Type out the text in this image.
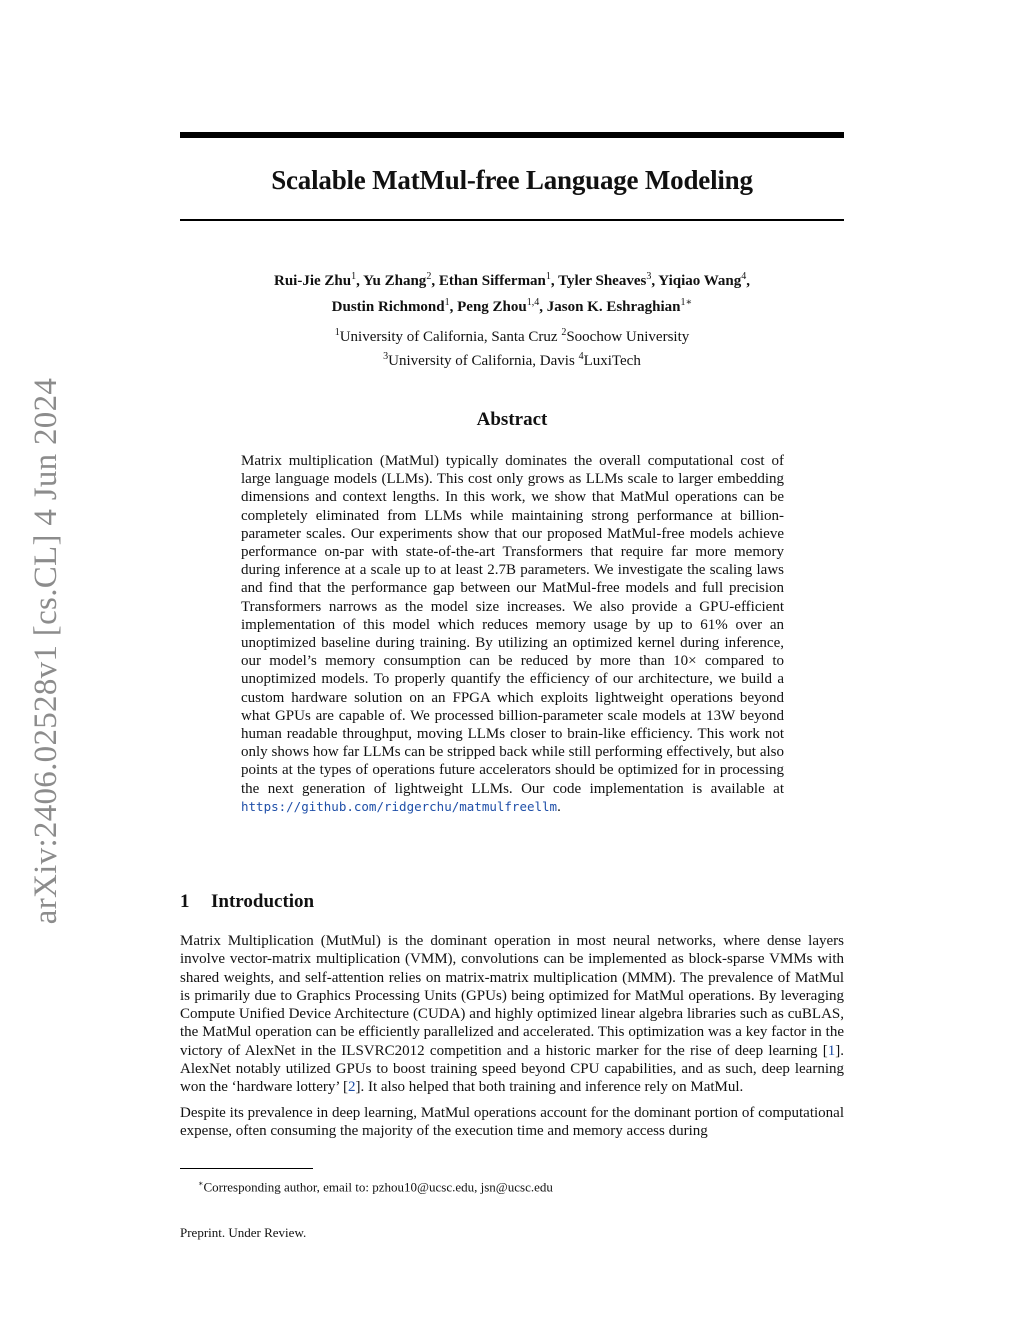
arXiv:2406.02528v1 [cs.CL] 4 Jun 2024
Scalable MatMul-free Language Modeling
Rui-Jie Zhu$^1$, Yu Zhang$^2$, Ethan Sifferman$^1$, Tyler Sheaves$^3$, Yiqiao Wang$^4$,
Dustin Richmond$^1$, Peng Zhou$^{1,4}$, Jason K. Eshraghian$^{1∗}$
$^1$University of California, Santa Cruz $^2$Soochow University
$^3$University of California, Davis $^4$LuxiTech
Abstract
Matrix multiplication (MatMul) typically dominates the overall computational cost of large language models (LLMs). This cost only grows as LLMs scale to larger embedding dimensions and context lengths. In this work, we show that MatMul operations can be completely eliminated from LLMs while maintaining strong performance at billion-parameter scales. Our experiments show that our proposed MatMul-free models achieve performance on-par with state-of-the-art Transformers that require far more memory during inference at a scale up to at least 2.7B parameters. We investigate the scaling laws and find that the performance gap between our MatMul-free models and full precision Transformers narrows as the model size increases. We also provide a GPU-efficient implementation of this model which reduces memory usage by up to 61% over an unoptimized baseline during training. By utilizing an optimized kernel during inference, our model’s memory consumption can be reduced by more than 10× compared to unoptimized models. To properly quantify the efficiency of our architecture, we build a custom hardware solution on an FPGA which exploits lightweight operations beyond what GPUs are capable of. We processed billion-parameter scale models at 13W beyond human readable throughput, moving LLMs closer to brain-like efficiency. This work not only shows how far LLMs can be stripped back while still performing effectively, but also points at the types of operations future accelerators should be optimized for in processing the next generation of lightweight LLMs. Our code implementation is available at https://github.com/ridgerchu/matmulfreellm.
1 Introduction

Matrix Multiplication (MutMul) is the dominant operation in most neural networks, where dense layers involve vector-matrix multiplication (VMM), convolutions can be implemented as block-sparse VMMs with shared weights, and self-attention relies on matrix-matrix multiplication (MMM). The prevalence of MatMul is primarily due to Graphics Processing Units (GPUs) being optimized for MatMul operations. By leveraging Compute Unified Device Architecture (CUDA) and highly optimized linear algebra libraries such as cuBLAS, the MatMul operation can be efficiently parallelized and accelerated. This optimization was a key factor in the victory of AlexNet in the ILSVRC2012 competition and a historic marker for the rise of deep learning [1]. AlexNet notably utilized GPUs to boost training speed beyond CPU capabilities, and as such, deep learning won the ‘hardware lottery’ [2]. It also helped that both training and inference rely on MatMul.

Despite its prevalence in deep learning, MatMul operations account for the dominant portion of computational expense, often consuming the majority of the execution time and memory access during

∗Corresponding author, email to: pzhou10@ucsc.edu, jsn@ucsc.edu
Preprint. Under Review.
